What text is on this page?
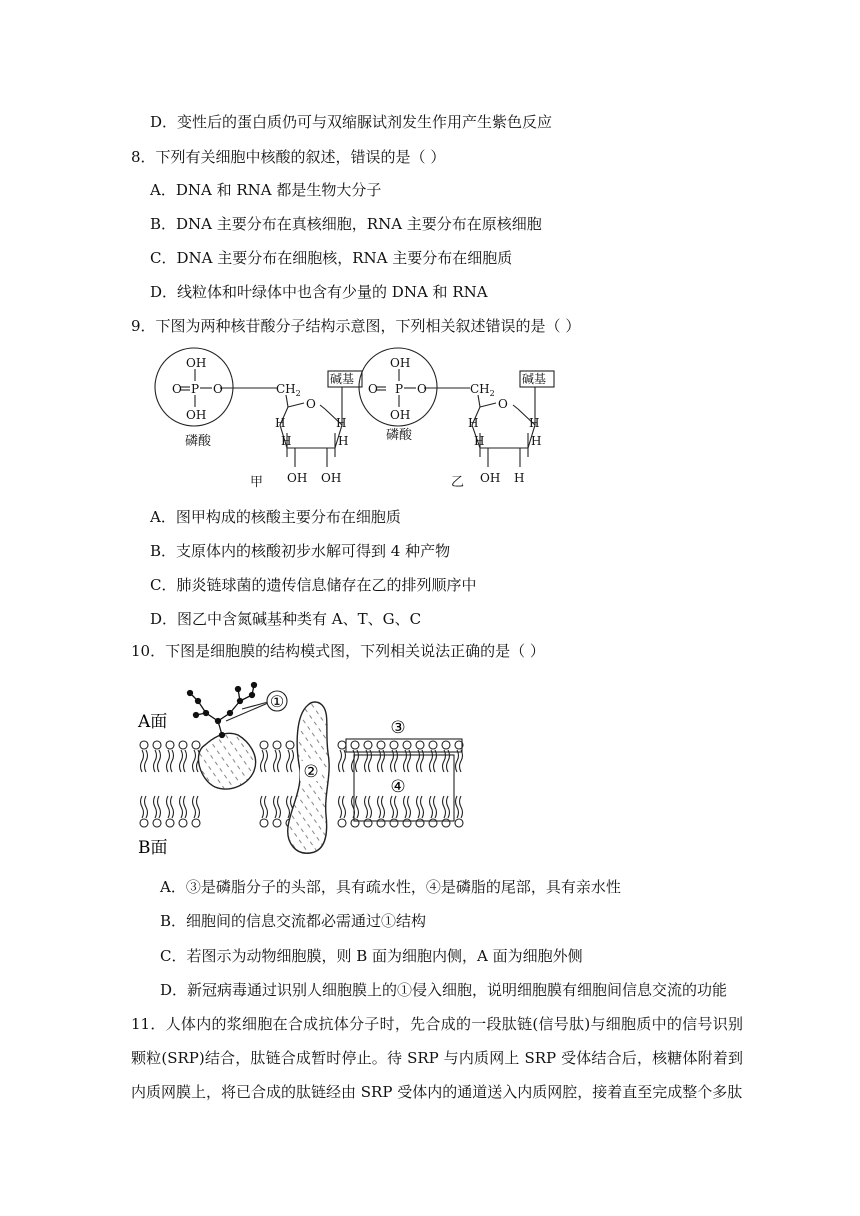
D．变性后的蛋白质仍可与双缩脲试剂发生作用产生紫色反应
8．下列有关细胞中核酸的叙述，错误的是（ ）
A．DNA 和 RNA 都是生物大分子
B．DNA 主要分布在真核细胞，RNA 主要分布在原核细胞
C．DNA 主要分布在细胞核，RNA 主要分布在细胞质
D．线粒体和叶绿体中也含有少量的 DNA 和 RNA
9．下图为两种核苷酸分子结构示意图，下列相关叙述错误的是（ ）
OH
O P O
OH
磷酸
$CH_2$
O
碱基
H	H
H	H
OH OH
甲
OH
O P O
OH
磷酸
$CH_2$
O
碱基
H	H
H	H
OH H
乙
A．图甲构成的核酸主要分布在细胞质
B．支原体内的核酸初步水解可得到 4 种产物
C．肺炎链球菌的遗传信息储存在乙的排列顺序中
D．图乙中含氮碱基种类有 A、T、G、C
10．下图是细胞膜的结构模式图，下列相关说法正确的是（ ）
①
②
③
④
A面
B面
A．③是磷脂分子的头部，具有疏水性，④是磷脂的尾部，具有亲水性
B．细胞间的信息交流都必需通过①结构
C．若图示为动物细胞膜，则 B 面为细胞内侧，A 面为细胞外侧
D．新冠病毒通过识别人细胞膜上的①侵入细胞，说明细胞膜有细胞间信息交流的功能
11．人体内的浆细胞在合成抗体分子时，先合成的一段肽链(信号肽)与细胞质中的信号识别颗粒(SRP)结合，肽链合成暂时停止。待 SRP 与内质网上 SRP 受体结合后，核糖体附着到内质网膜上，将已合成的肽链经由 SRP 受体内的通道送入内质网腔，接着直至完成整个多肽
